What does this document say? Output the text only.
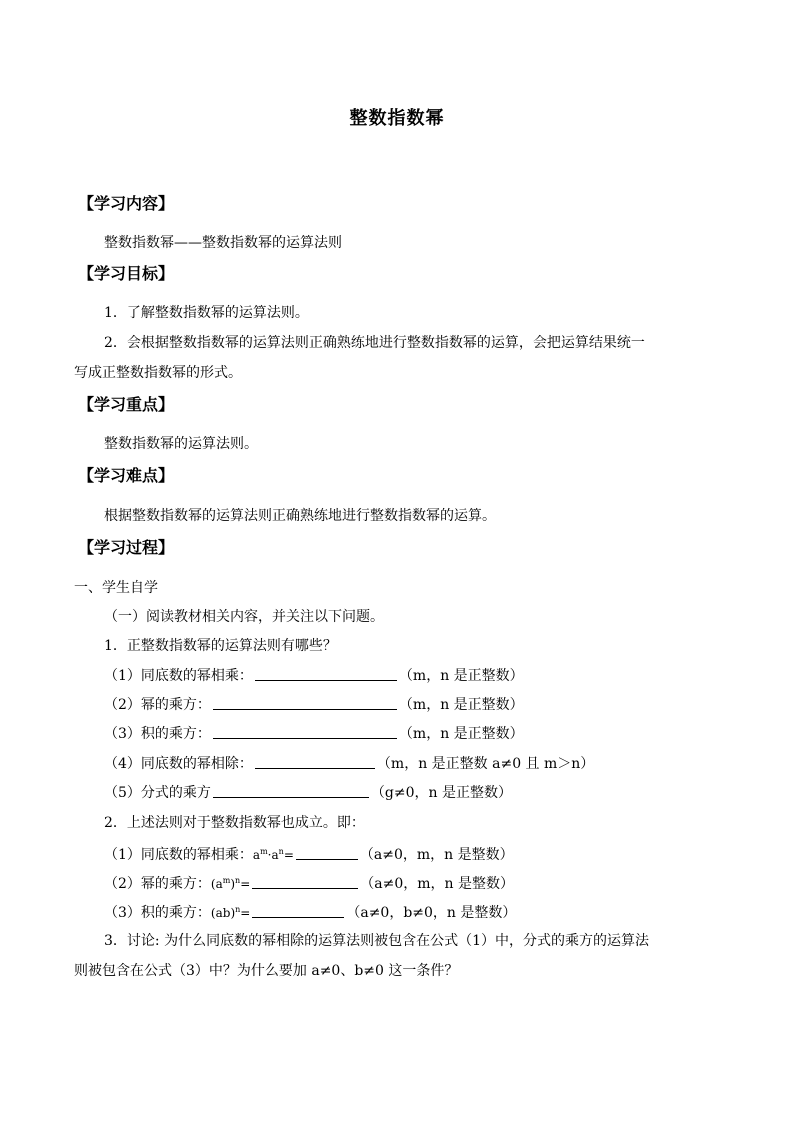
整数指数幂
【学习内容】
整数指数幂——整数指数幂的运算法则
【学习目标】
1．了解整数指数幂的运算法则。
2．会根据整数指数幂的运算法则正确熟练地进行整数指数幂的运算，会把运算结果统一
写成正整数指数幂的形式。
【学习重点】
整数指数幂的运算法则。
【学习难点】
根据整数指数幂的运算法则正确熟练地进行整数指数幂的运算。
【学习过程】
一、学生自学
（一）阅读教材相关内容，并关注以下问题。
1．正整数指数幂的运算法则有哪些？
（1）同底数的幂相乘：	（m，n 是正整数）
（2）幂的乘方：	（m，n 是正整数）
（3）积的乘方：	（m，n 是正整数）
（4）同底数的幂相除：	（m，n 是正整数 a≠0 且 m＞n）
（5）分式的乘方	（g≠0，n 是正整数）
2．上述法则对于整数指数幂也成立。即：
（1）同底数的幂相乘：$a^m\cdot a^n=$	（a≠0，m，n 是整数）
（2）幂的乘方：$(a^m)^n=$	（a≠0，m，n 是整数）
（3）积的乘方：(ab)$^n$=	（a≠0，b≠0，n 是整数）
3．讨论: 为什么同底数的幂相除的运算法则被包含在公式（1）中，分式的乘方的运算法
则被包含在公式（3）中？为什么要加 a≠0、b≠0 这一条件？
